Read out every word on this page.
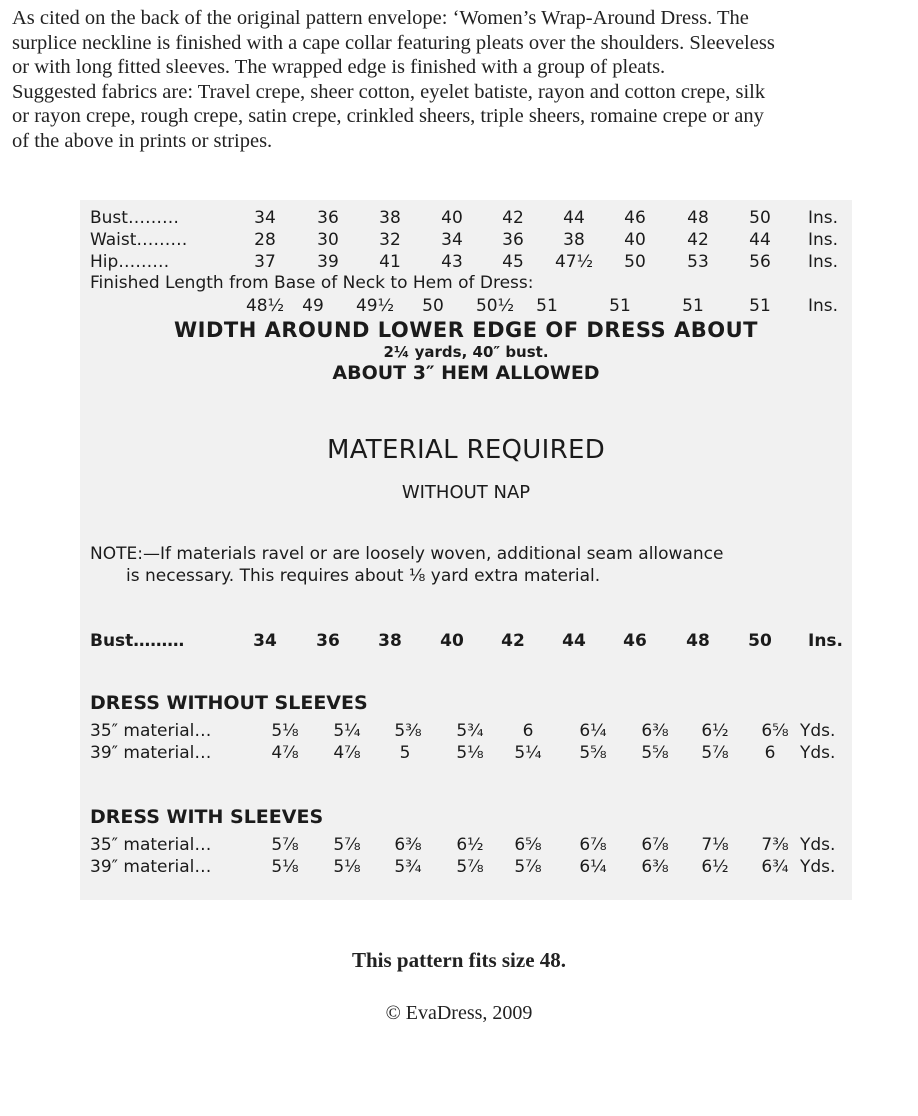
As cited on the back of the original pattern envelope: ‘Women’s Wrap-Around Dress. The

surplice neckline is finished with a cape collar featuring pleats over the shoulders. Sleeveless

or with long fitted sleeves. The wrapped edge is finished with a group of pleats.

Suggested fabrics are: Travel crepe, sheer cotton, eyelet batiste, rayon and cotton crepe, silk

or rayon crepe, rough crepe, satin crepe, crinkled sheers, triple sheers, romaine crepe or any

of the above in prints or stripes.

Bust………	34	36	38	40	42	44	46	48	50	Ins.
Waist………	28	30	32	34	36	38	40	42	44	Ins.
Hip………	37	39	41	43	45	47½	50	53	56	Ins.
Finished Length from Base of Neck to Hem of Dress:
48½	49	49½	50	50½	51	51	51	51	Ins.
WIDTH AROUND LOWER EDGE OF DRESS ABOUT
2¼ yards, 40″ bust.
ABOUT 3″ HEM ALLOWED
MATERIAL REQUIRED
WITHOUT NAP

NOTE:—If materials ravel or are loosely woven, additional seam allowance

is necessary. This requires about ⅛ yard extra material.

Bust………	34	36	38	40	42	44	46	48	50	Ins.
DRESS WITHOUT SLEEVES
35″ material…	5⅛	5¼	5⅜	5¾	6	6¼	6⅜	6½	6⅝ Yds.
39″ material…	4⅞	4⅞	5	5⅛	5¼	5⅝	5⅝	5⅞	6	Yds.
DRESS WITH SLEEVES
35″ material…	5⅞	5⅞	6⅜	6½	6⅝	6⅞	6⅞	7⅛	7⅜ Yds.
39″ material…	5⅛	5⅛	5¾	5⅞	5⅞	6¼	6⅜	6½	6¾ Yds.
This pattern fits size 48.
© EvaDress, 2009
